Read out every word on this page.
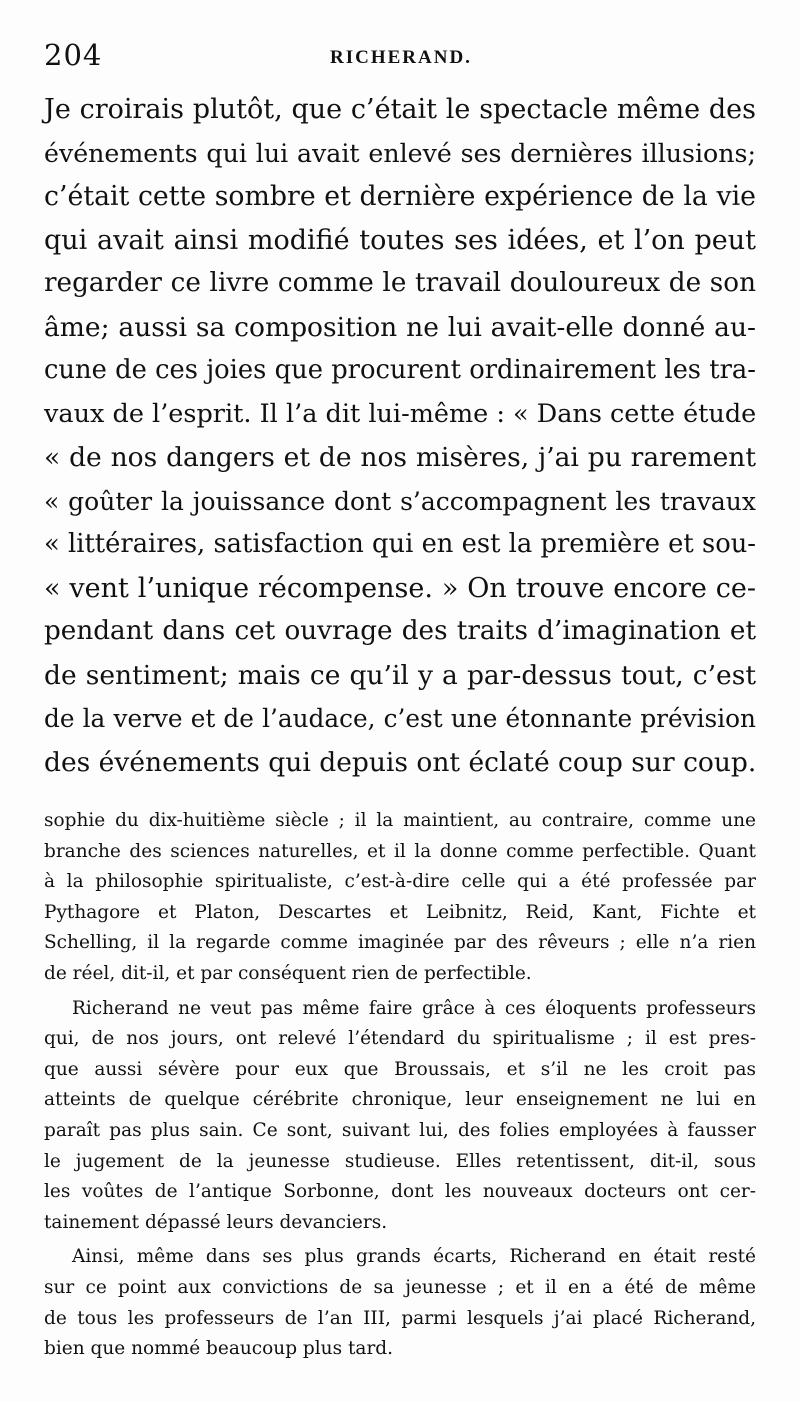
204	RICHERAND.
Je croirais plutôt, que c’était le spectacle même des
événements qui lui avait enlevé ses dernières illusions;
c’était cette sombre et dernière expérience de la vie
qui avait ainsi modifié toutes ses idées, et l’on peut
regarder ce livre comme le travail douloureux de son
âme; aussi sa composition ne lui avait-elle donné au-
cune de ces joies que procurent ordinairement les tra-
vaux de l’esprit. Il l’a dit lui-même : « Dans cette étude
« de nos dangers et de nos misères, j’ai pu rarement
« goûter la jouissance dont s’accompagnent les travaux
« littéraires, satisfaction qui en est la première et sou-
« vent l’unique récompense. » On trouve encore ce-
pendant dans cet ouvrage des traits d’imagination et
de sentiment; mais ce qu’il y a par-dessus tout, c’est
de la verve et de l’audace, c’est une étonnante prévision
des événements qui depuis ont éclaté coup sur coup.
sophie du dix-huitième siècle ; il la maintient, au contraire, comme une
branche des sciences naturelles, et il la donne comme perfectible. Quant
à la philosophie spiritualiste, c’est-à-dire celle qui a été professée par
Pythagore et Platon, Descartes et Leibnitz, Reid, Kant, Fichte et
Schelling, il la regarde comme imaginée par des rêveurs ; elle n’a rien
de réel, dit-il, et par conséquent rien de perfectible.
Richerand ne veut pas même faire grâce à ces éloquents professeurs
qui, de nos jours, ont relevé l’étendard du spiritualisme ; il est pres-
que aussi sévère pour eux que Broussais, et s’il ne les croit pas
atteints de quelque cérébrite chronique, leur enseignement ne lui en
paraît pas plus sain. Ce sont, suivant lui, des folies employées à fausser
le jugement de la jeunesse studieuse. Elles retentissent, dit-il, sous
les voûtes de l’antique Sorbonne, dont les nouveaux docteurs ont cer-
tainement dépassé leurs devanciers.
Ainsi, même dans ses plus grands écarts, Richerand en était resté
sur ce point aux convictions de sa jeunesse ; et il en a été de même
de tous les professeurs de l’an III, parmi lesquels j’ai placé Richerand,
bien que nommé beaucoup plus tard.
